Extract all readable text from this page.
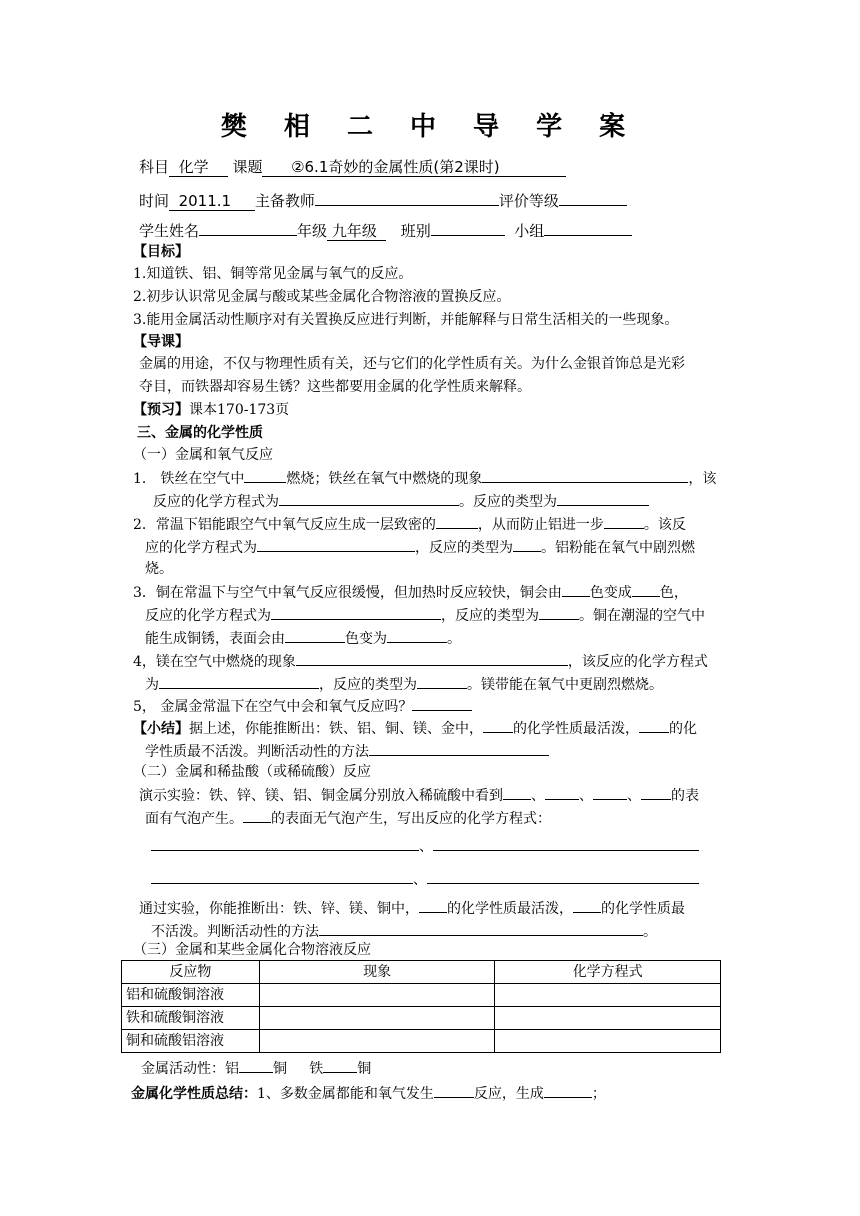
樊 相 二 中 导 学 案
科目 化学 课题 ②6.1奇妙的金属性质(第2课时)
时间 2011.1 主备教师	评价等级
学生姓名	年级 九年级 班别	小组
【目标】
1.知道铁、铝、铜等常见金属与氧气的反应。
2.初步认识常见金属与酸或某些金属化合物溶液的置换反应。
3.能用金属活动性顺序对有关置换反应进行判断，并能解释与日常生活相关的一些现象。
【导课】
金属的用途，不仅与物理性质有关，还与它们的化学性质有关。为什么金银首饰总是光彩
夺目，而铁器却容易生锈？这些都要用金属的化学性质来解释。
【预习】课本170-173页
三、金属的化学性质
（一）金属和氧气反应
1． 铁丝在空气中	燃烧；铁丝在氧气中燃烧的现象	，该
反应的化学方程式为	。反应的类型为
2．常温下铝能跟空气中氧气反应生成一层致密的	，从而防止铝进一步	。该反
应的化学方程式为	，反应的类型为 。铝粉能在氧气中剧烈燃
烧。
3．铜在常温下与空气中氧气反应很缓慢，但加热时反应较快，铜会由 色变成 色，
反应的化学方程式为	，反应的类型为	。铜在潮湿的空气中
能生成铜锈，表面会由	色变为	。
4，镁在空气中燃烧的现象	，该反应的化学方程式
为	，反应的类型为	。镁带能在氧气中更剧烈燃烧。
5， 金属金常温下在空气中会和氧气反应吗？
【小结】据上述，你能推断出：铁、铝、铜、镁、金中， 的化学性质最活泼， 的化
学性质最不活泼。判断活动性的方法
（二）金属和稀盐酸（或稀硫酸）反应
演示实验：铁、锌、镁、铝、铜金属分别放入稀硫酸中看到 、 、 、 的表
面有气泡产生。 的表面无气泡产生，写出反应的化学方程式：
、
、
通过实验，你能推断出：铁、锌、镁、铜中， 的化学性质最活泼， 的化学性质最
不活泼。判断活动性的方法	。
（三）金属和某些金属化合物溶液反应
反应物	现象	化学方程式
铝和硫酸铜溶液		
铁和硫酸铜溶液		
铜和硫酸铝溶液		
金属活动性：铝 铜 铁 铜
金属化学性质总结：1、多数金属都能和氧气发生	反应，生成	；
